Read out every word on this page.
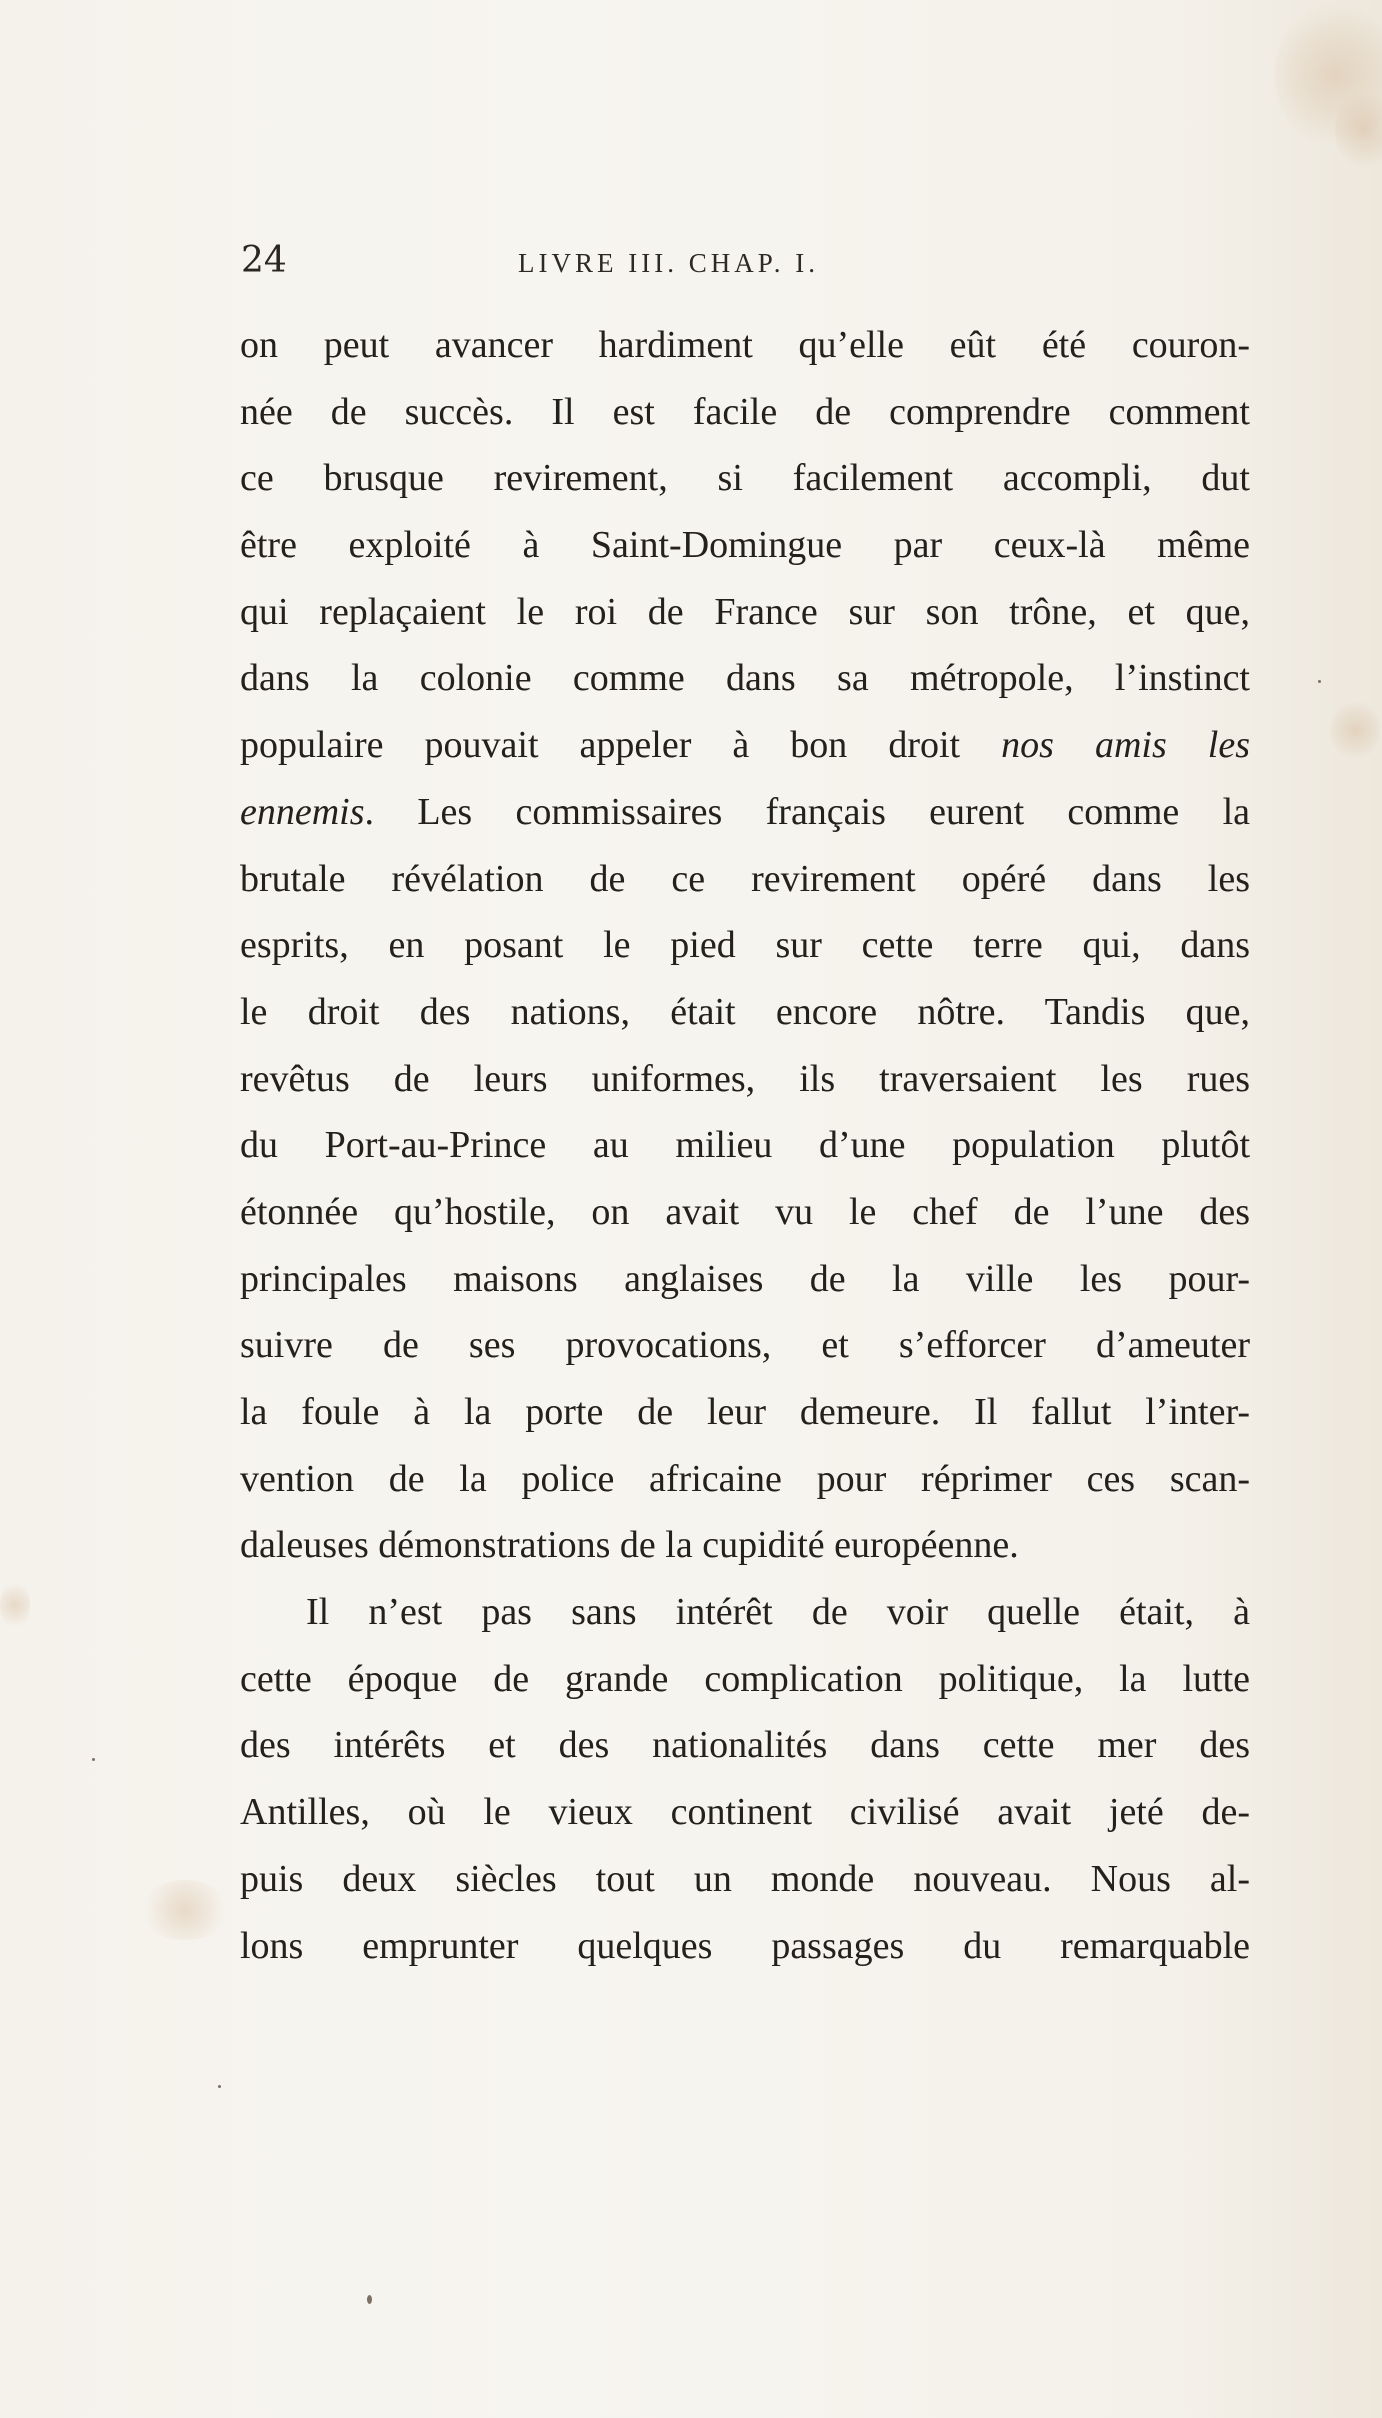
24	LIVRE III. CHAP. I.
on peut avancer hardiment qu’elle eût été couron-
née de succès. Il est facile de comprendre comment
ce brusque revirement, si facilement accompli, dut
être exploité à Saint-Domingue par ceux-là même
qui replaçaient le roi de France sur son trône, et que,
dans la colonie comme dans sa métropole, l’instinct
populaire pouvait appeler à bon droit nos amis les
ennemis. Les commissaires français eurent comme la
brutale révélation de ce revirement opéré dans les
esprits, en posant le pied sur cette terre qui, dans
le droit des nations, était encore nôtre. Tandis que,
revêtus de leurs uniformes, ils traversaient les rues
du Port-au-Prince au milieu d’une population plutôt
étonnée qu’hostile, on avait vu le chef de l’une des
principales maisons anglaises de la ville les pour-
suivre de ses provocations, et s’efforcer d’ameuter
la foule à la porte de leur demeure. Il fallut l’inter-
vention de la police africaine pour réprimer ces scan-
daleuses démonstrations de la cupidité européenne.
Il n’est pas sans intérêt de voir quelle était, à
cette époque de grande complication politique, la lutte
des intérêts et des nationalités dans cette mer des
Antilles, où le vieux continent civilisé avait jeté de-
puis deux siècles tout un monde nouveau. Nous al-
lons emprunter quelques passages du remarquable
